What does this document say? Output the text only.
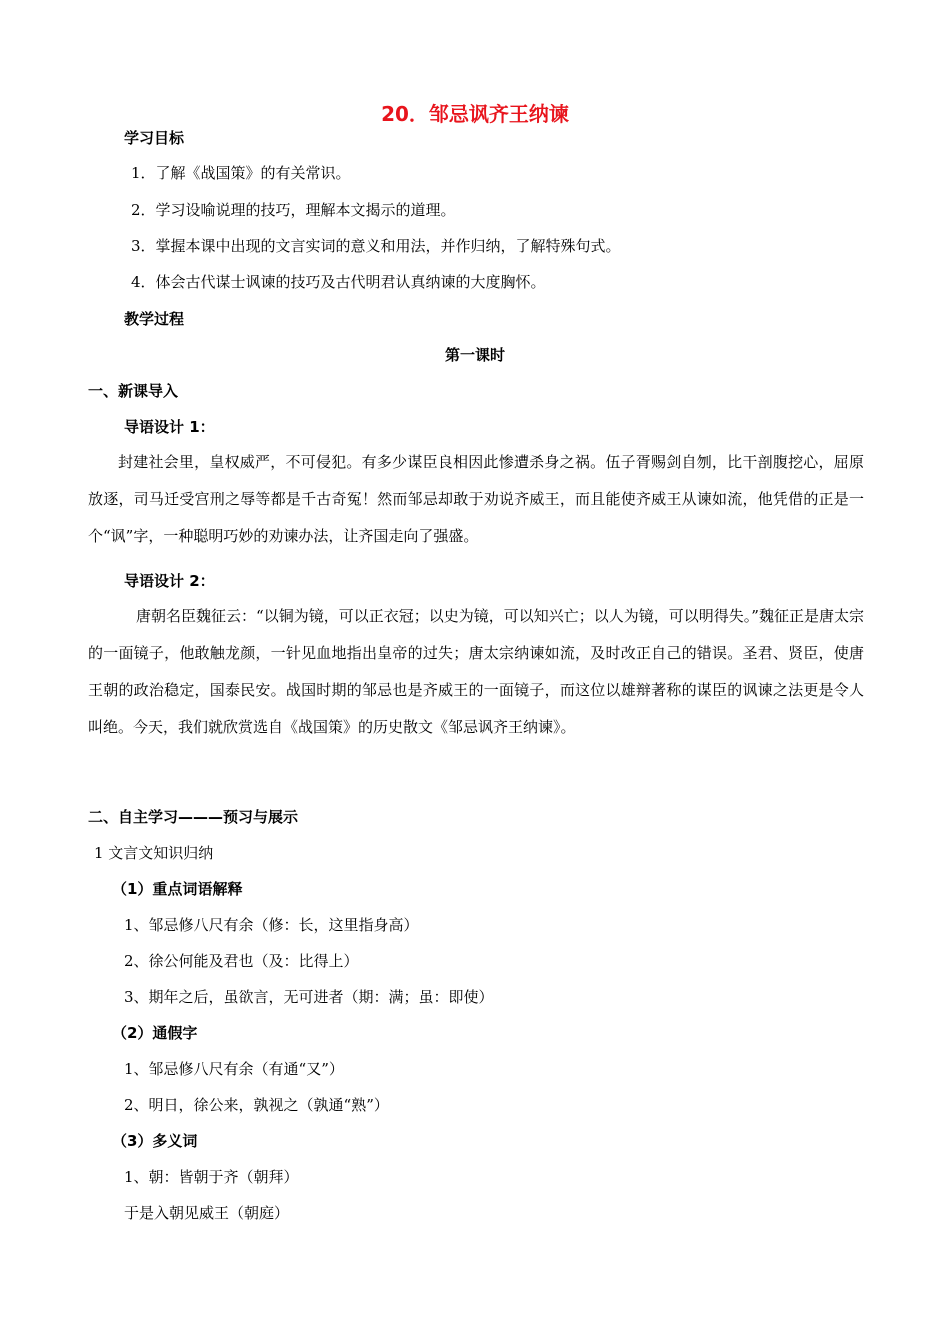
20．邹忌讽齐王纳谏
学习目标
1．了解《战国策》的有关常识。
2．学习设喻说理的技巧，理解本文揭示的道理。
3．掌握本课中出现的文言实词的意义和用法，并作归纳，了解特殊句式。
4．体会古代谋士讽谏的技巧及古代明君认真纳谏的大度胸怀。
教学过程
第一课时
一、新课导入
导语设计 1：

封建社会里，皇权威严，不可侵犯。有多少谋臣良相因此惨遭杀身之祸。伍子胥赐剑自刎，比干剖腹挖心，屈原放逐，司马迁受宫刑之辱等都是千古奇冤！然而邹忌却敢于劝说齐威王，而且能使齐威王从谏如流，他凭借的正是一个“讽”字，一种聪明巧妙的劝谏办法，让齐国走向了强盛。

导语设计 2：

唐朝名臣魏征云：“以铜为镜，可以正衣冠；以史为镜，可以知兴亡；以人为镜，可以明得失。”魏征正是唐太宗的一面镜子，他敢触龙颜，一针见血地指出皇帝的过失；唐太宗纳谏如流，及时改正自己的错误。圣君、贤臣，使唐王朝的政治稳定，国泰民安。战国时期的邹忌也是齐威王的一面镜子，而这位以雄辩著称的谋臣的讽谏之法更是令人叫绝。今天，我们就欣赏选自《战国策》的历史散文《邹忌讽齐王纳谏》。

二、自主学习———预习与展示
1 文言文知识归纳
（1）重点词语解释
1、邹忌修八尺有余（修：长，这里指身高）
2、徐公何能及君也（及：比得上）
3、期年之后，虽欲言，无可进者（期：满；虽：即使）
（2）通假字
1、邹忌修八尺有余（有通“又”）
2、明日，徐公来，孰视之（孰通“熟”）
（3）多义词
1、朝：皆朝于齐（朝拜）
于是入朝见威王（朝庭）
